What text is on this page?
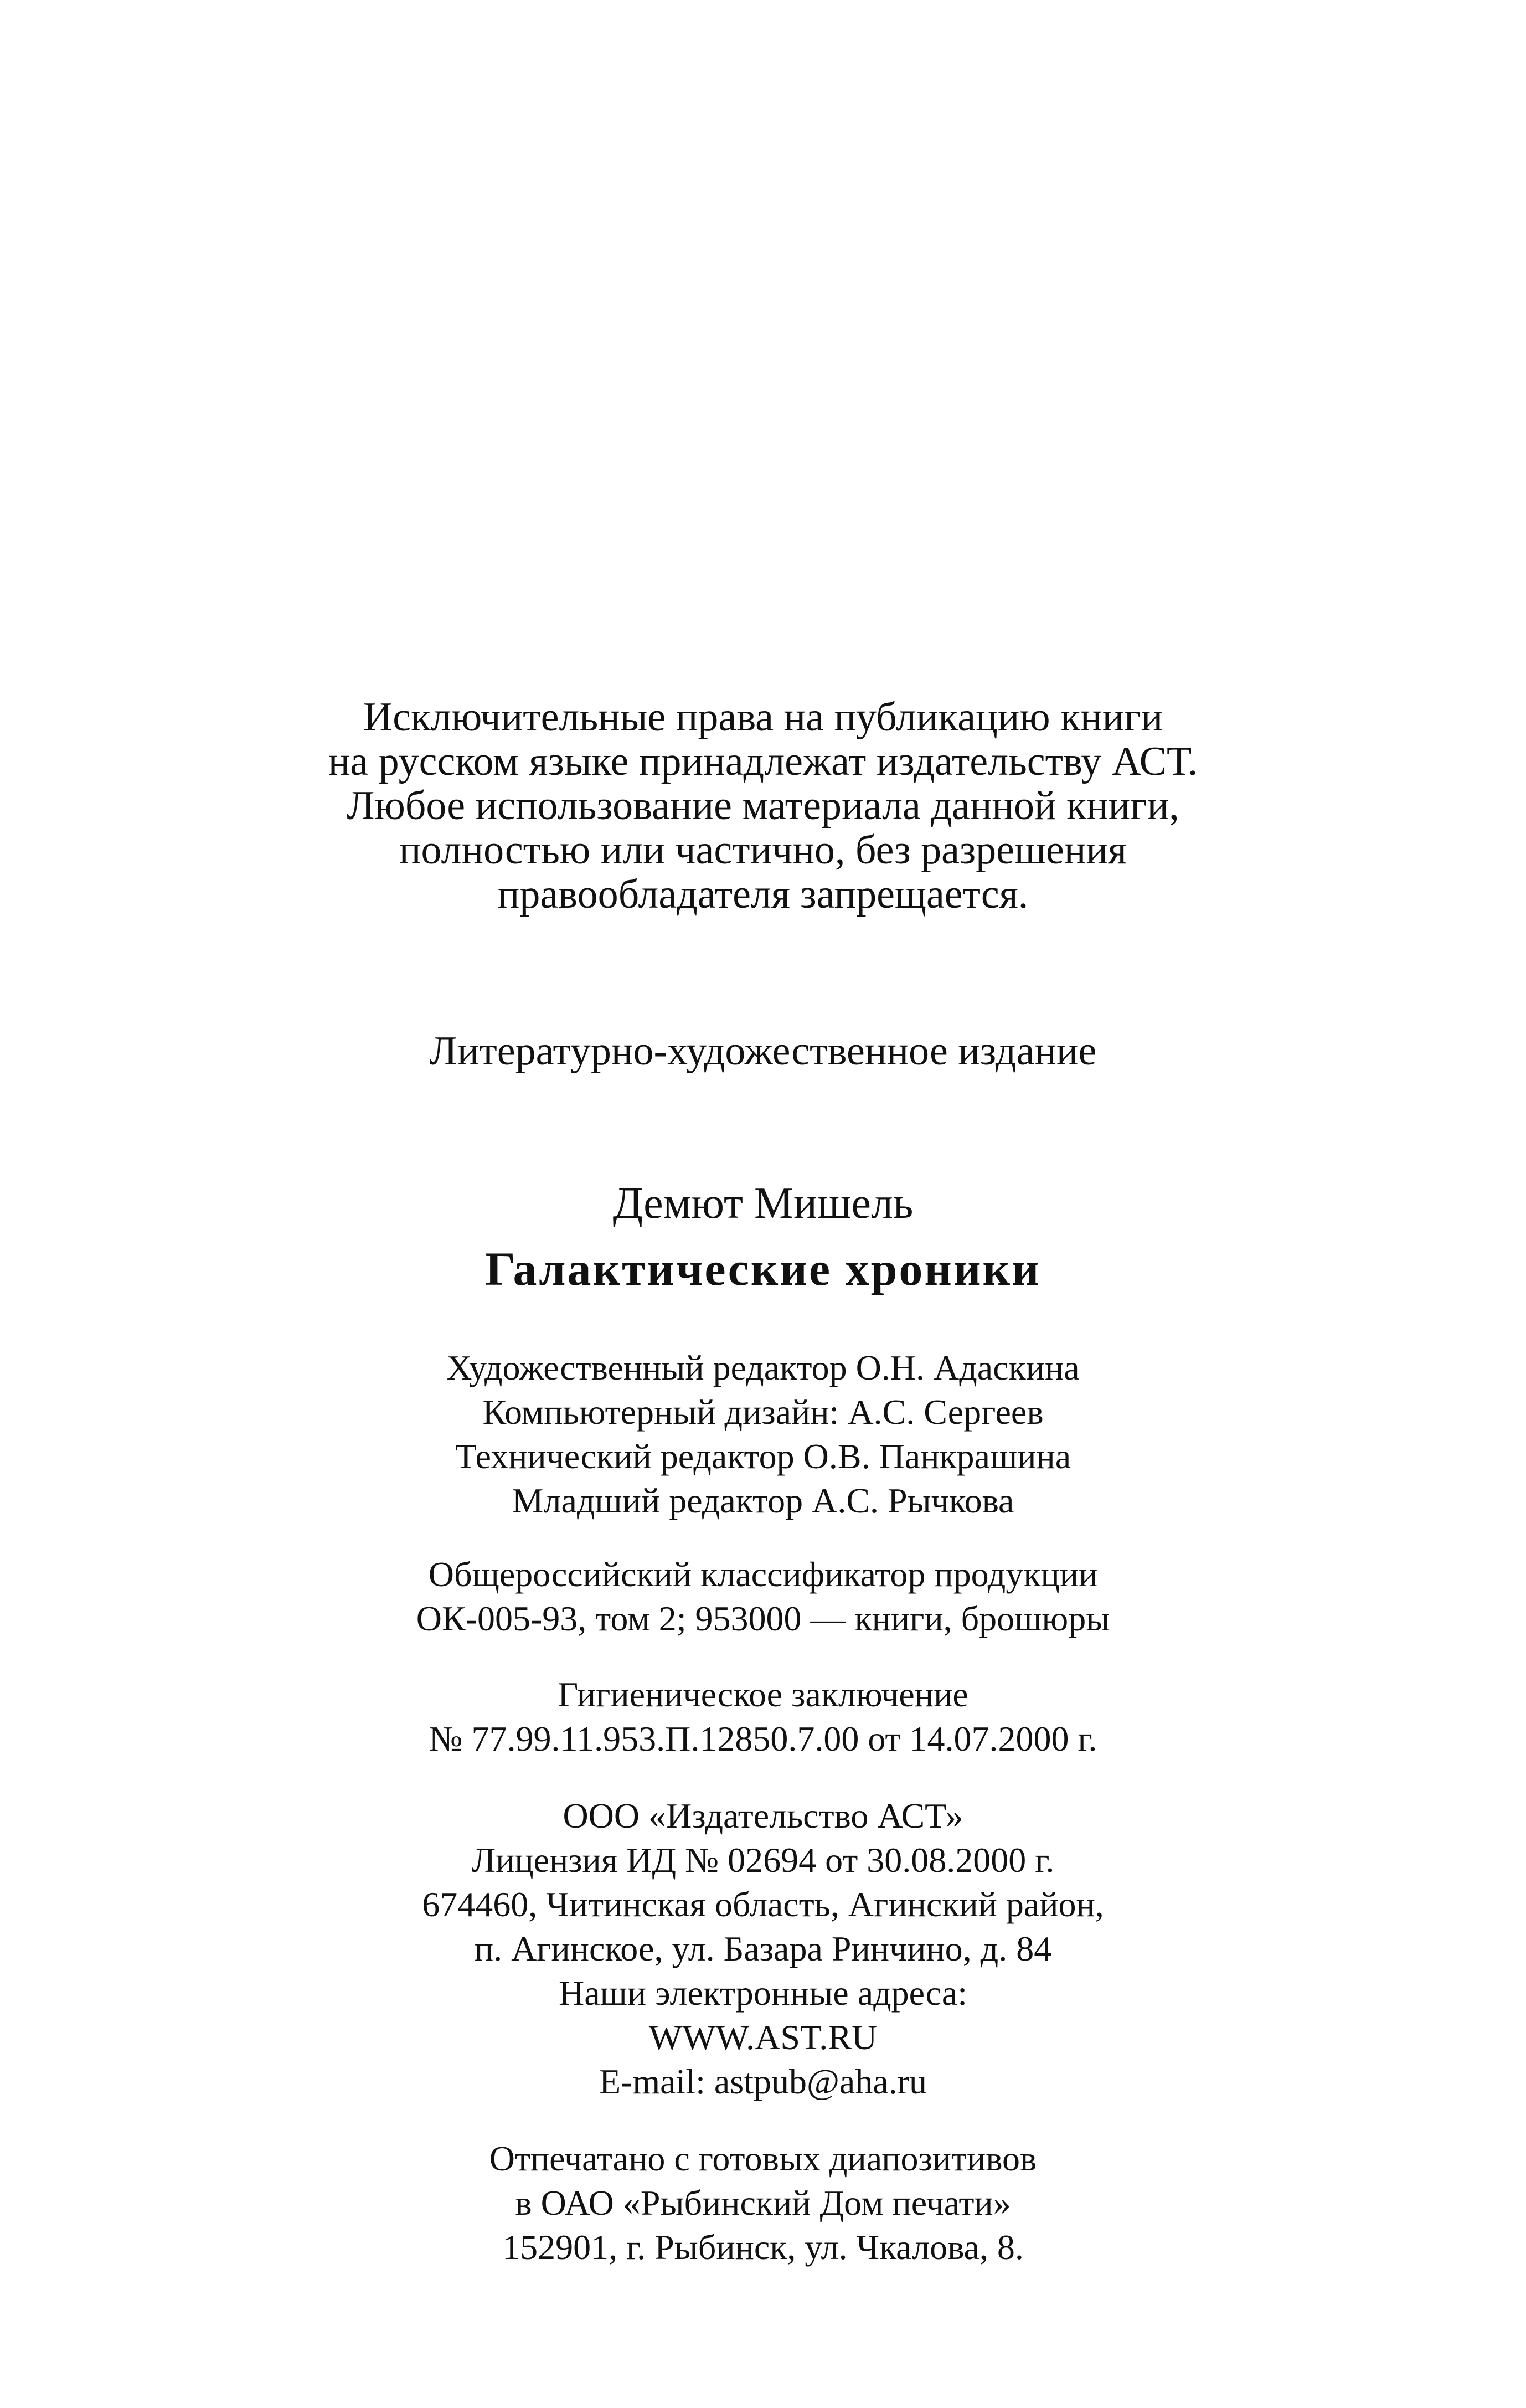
Исключительные права на публикацию книги
на русском языке принадлежат издательству АСТ.
Любое использование материала данной книги,
полностью или частично, без разрешения
правообладателя запрещается.
Литературно-художественное издание
Демют Мишель
Галактические хроники
Художественный редактор О.Н. Адаскина
Компьютерный дизайн: А.С. Сергеев
Технический редактор О.В. Панкрашина
Младший редактор А.С. Рычкова
Общероссийский классификатор продукции
ОК-005-93, том 2; 953000 — книги, брошюры
Гигиеническое заключение
№ 77.99.11.953.П.12850.7.00 от 14.07.2000 г.
ООО «Издательство АСТ»
Лицензия ИД № 02694 от 30.08.2000 г.
674460, Читинская область, Агинский район,
п. Агинское, ул. Базара Ринчино, д. 84
Наши электронные адреса:
WWW.AST.RU
E-mail: astpub@aha.ru
Отпечатано с готовых диапозитивов
в ОАО «Рыбинский Дом печати»
152901, г. Рыбинск, ул. Чкалова, 8.
